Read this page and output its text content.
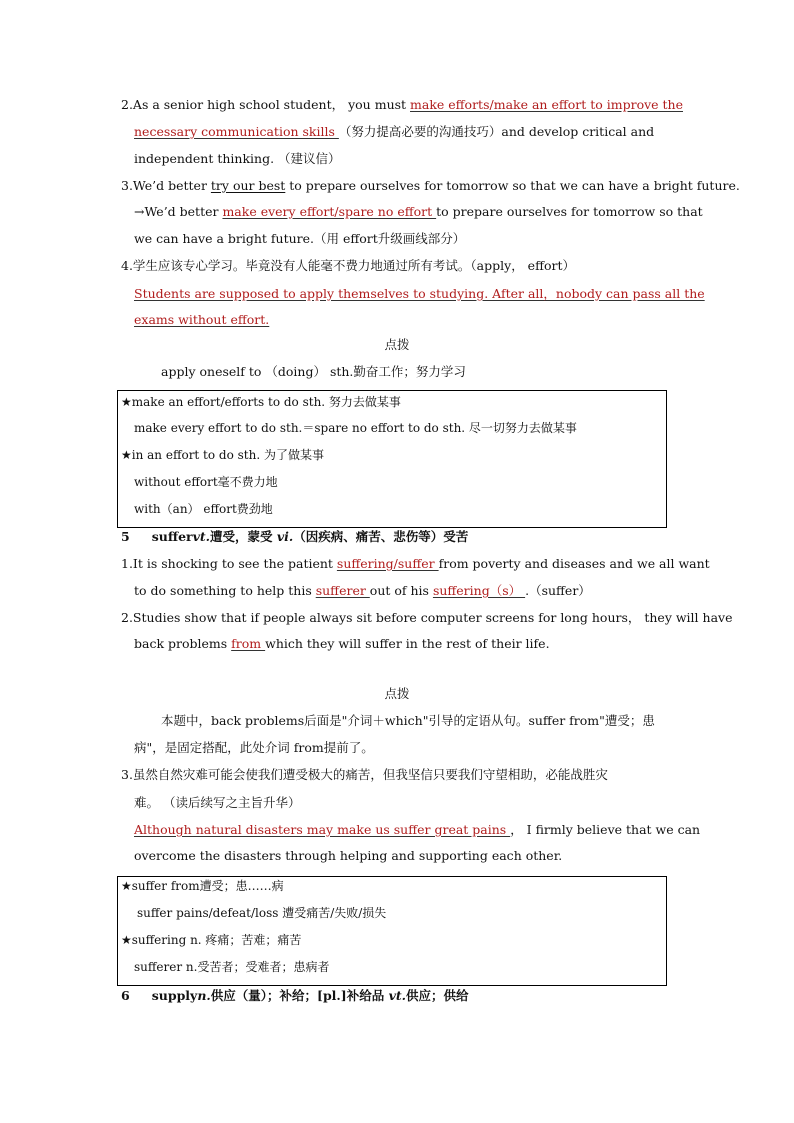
2.As a senior high school student， you must make efforts/make an effort to improve the
necessary communication skills （努力提高必要的沟通技巧）and develop critical and
independent thinking. （建议信）
3.We’d better try our best to prepare ourselves for tomorrow so that we can have a bright future.
→We’d better make every effort/spare no effort to prepare ourselves for tomorrow so that
we can have a bright future.（用 effort升级画线部分）
4.学生应该专心学习。毕竟没有人能毫不费力地通过所有考试。（apply， effort）
Students are supposed to apply themselves to studying. After all，nobody can pass all the
exams without effort.
点拨
apply oneself to （doing） sth.勤奋工作；努力学习
★make an effort/efforts to do sth. 努力去做某事
make every effort to do sth.＝spare no effort to do sth. 尽一切努力去做某事
★in an effort to do sth. 为了做某事
without effort毫不费力地
with（an） effort费劲地
5 suffervt.遭受，蒙受 vi.（因疾病、痛苦、悲伤等）受苦
1.It is shocking to see the patient suffering/suffer from poverty and diseases and we all want
to do something to help this sufferer out of his suffering（s） .（suffer）
2.Studies show that if people always sit before computer screens for long hours， they will have
back problems from which they will suffer in the rest of their life.
点拨
本题中，back problems后面是"介词＋which"引导的定语从句。suffer from"遭受；患
病"，是固定搭配，此处介词 from提前了。
3.虽然自然灾难可能会使我们遭受极大的痛苦，但我坚信只要我们守望相助，必能战胜灾
难。 （读后续写之主旨升华）
Although natural disasters may make us suffer great pains ， I firmly believe that we can
overcome the disasters through helping and supporting each other.
★suffer from遭受；患……病
suffer pains/defeat/loss 遭受痛苦/失败/损失
★suffering n. 疼痛；苦难；痛苦
sufferer n.受苦者；受难者；患病者
6 supplyn.供应（量）；补给；[pl.]补给品 vt.供应；供给
